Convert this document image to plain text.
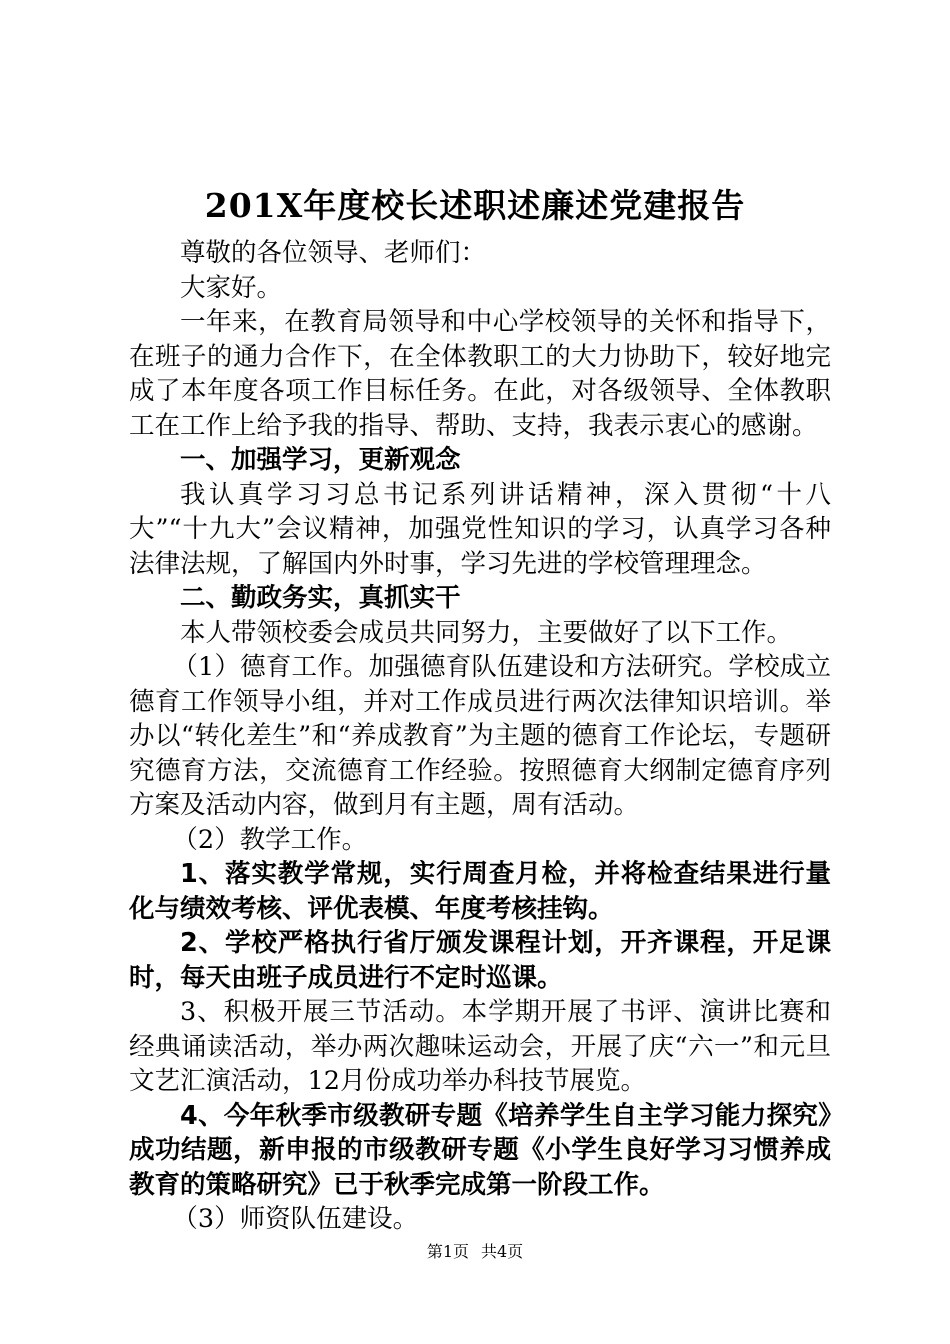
201X年度校长述职述廉述党建报告

尊敬的各位领导、老师们：

大家好。

一年来，在教育局领导和中心学校领导的关怀和指导下，在班子的通力合作下，在全体教职工的大力协助下，较好地完成了本年度各项工作目标任务。在此，对各级领导、全体教职工在工作上给予我的指导、帮助、支持，我表示衷心的感谢。

一、加强学习，更新观念

我认真学习习总书记系列讲话精神，深入贯彻“十八大”“十九大”会议精神，加强党性知识的学习，认真学习各种法律法规，了解国内外时事，学习先进的学校管理理念。

二、勤政务实，真抓实干

本人带领校委会成员共同努力，主要做好了以下工作。

（1）德育工作。加强德育队伍建设和方法研究。学校成立德育工作领导小组，并对工作成员进行两次法律知识培训。举办以“转化差生”和“养成教育”为主题的德育工作论坛，专题研究德育方法，交流德育工作经验。按照德育大纲制定德育序列方案及活动内容，做到月有主题，周有活动。

（2）教学工作。

1、落实教学常规，实行周查月检，并将检查结果进行量化与绩效考核、评优表模、年度考核挂钩。

2、学校严格执行省厅颁发课程计划，开齐课程，开足课时，每天由班子成员进行不定时巡课。

3、积极开展三节活动。本学期开展了书评、演讲比赛和经典诵读活动，举办两次趣味运动会，开展了庆“六一”和元旦文艺汇演活动，12月份成功举办科技节展览。

4、今年秋季市级教研专题《培养学生自主学习能力探究》成功结题，新申报的市级教研专题《小学生良好学习习惯养成教育的策略研究》已于秋季完成第一阶段工作。

（3）师资队伍建设。

第1页 共4页
